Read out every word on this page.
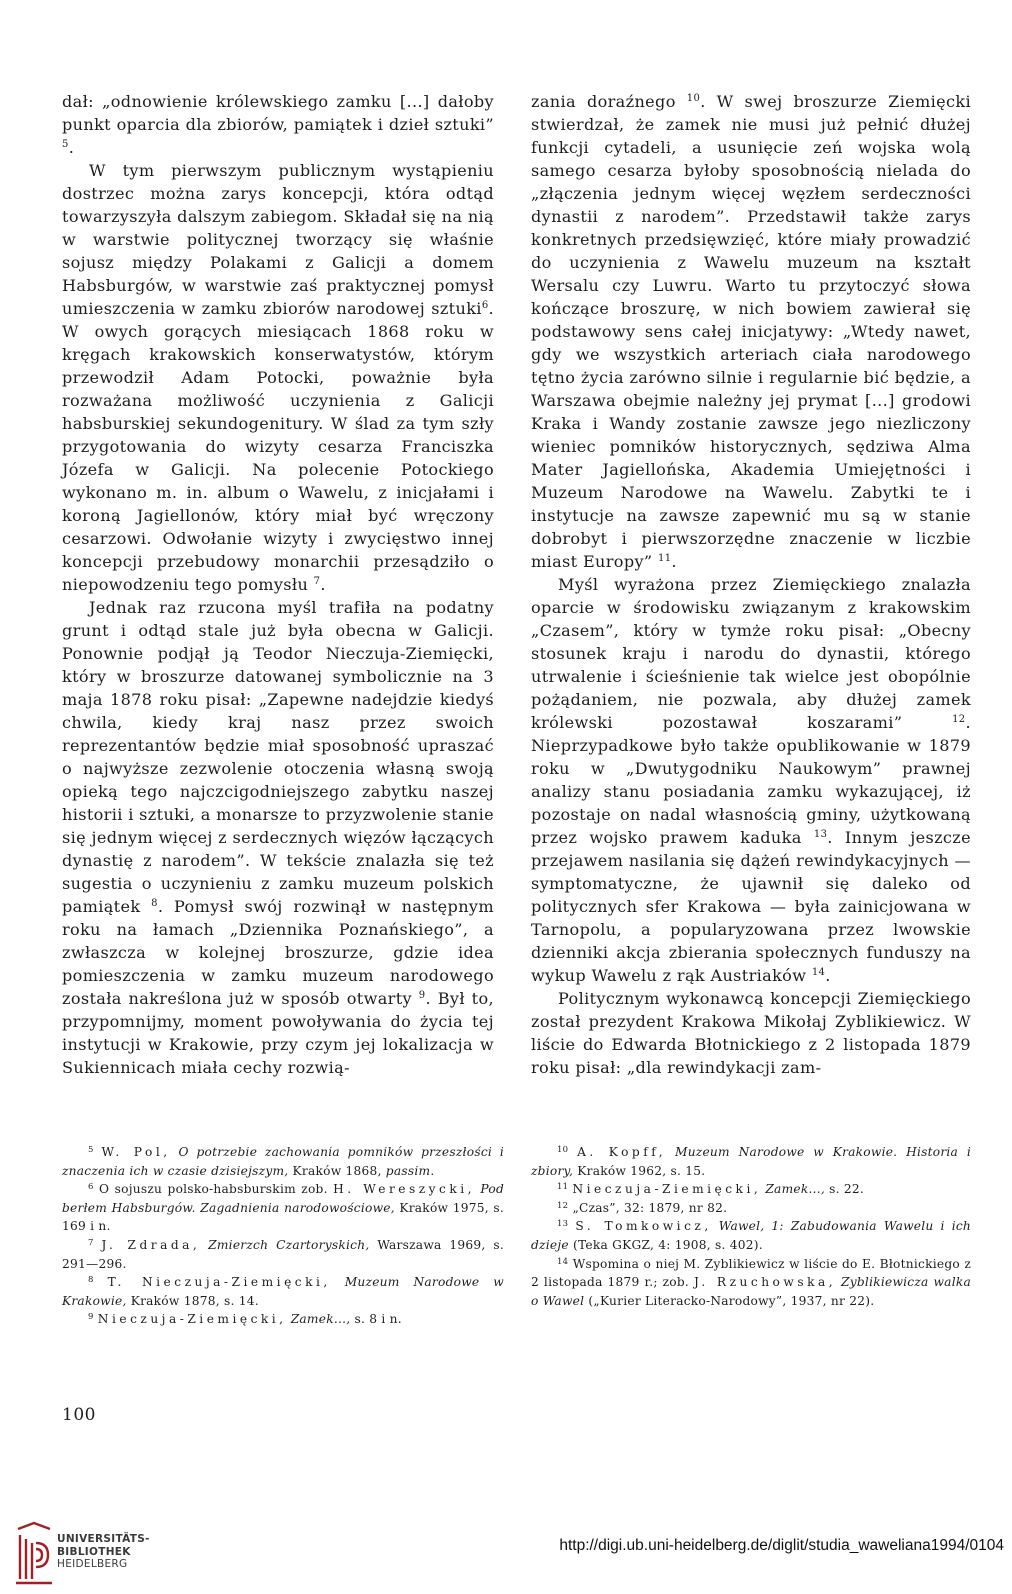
dał: „odnowienie królewskiego zamku [...] dałoby punkt oparcia dla zbiorów, pamiątek i dzieł sztuki” $^5$.

W tym pierwszym publicznym wystąpieniu dostrzec można zarys koncepcji, która odtąd towarzyszyła dalszym zabiegom. Składał się na nią w warstwie politycznej tworzący się właśnie sojusz między Polakami z Galicji a domem Habsburgów, w warstwie zaś praktycznej pomysł umieszczenia w zamku zbiorów narodowej sztuki$^6$. W owych gorących miesiącach 1868 roku w kręgach krakowskich konserwatystów, którym przewodził Adam Potocki, poważnie była rozważana możliwość uczynienia z Galicji habsburskiej sekundogenitury. W ślad za tym szły przygotowania do wizyty cesarza Franciszka Józefa w Galicji. Na polecenie Potockiego wykonano m. in. album o Wawelu, z inicjałami i koroną Jagiellonów, który miał być wręczony cesarzowi. Odwołanie wizyty i zwycięstwo innej koncepcji przebudowy monarchii przesądziło o niepowodzeniu tego pomysłu $^7$.

Jednak raz rzucona myśl trafiła na podatny grunt i odtąd stale już była obecna w Galicji. Ponownie podjął ją Teodor Nieczuja-Ziemięcki, który w broszurze datowanej symbolicznie na 3 maja 1878 roku pisał: „Zapewne nadejdzie kiedyś chwila, kiedy kraj nasz przez swoich reprezentantów będzie miał sposobność upraszać o najwyższe zezwolenie otoczenia własną swoją opieką tego najczcigodniejszego zabytku naszej historii i sztuki, a monarsze to przyzwolenie stanie się jednym więcej z serdecznych więzów łączących dynastię z narodem”. W tekście znalazła się też sugestia o uczynieniu z zamku muzeum polskich pamiątek $^8$. Pomysł swój rozwinął w następnym roku na łamach „Dziennika Poznańskiego”, a zwłaszcza w kolejnej broszurze, gdzie idea pomieszczenia w zamku muzeum narodowego została nakreślona już w sposób otwarty $^9$. Był to, przypomnijmy, moment powoływania do życia tej instytucji w Krakowie, przy czym jej lokalizacja w Sukiennicach miała cechy rozwią-

zania doraźnego $^{10}$. W swej broszurze Ziemięcki stwierdzał, że zamek nie musi już pełnić dłużej funkcji cytadeli, a usunięcie zeń wojska wolą samego cesarza byłoby sposobnością nielada do „złączenia jednym więcej węzłem serdeczności dynastii z narodem”. Przedstawił także zarys konkretnych przedsięwzięć, które miały prowadzić do uczynienia z Wawelu muzeum na kształt Wersalu czy Luwru. Warto tu przytoczyć słowa kończące broszurę, w nich bowiem zawierał się podstawowy sens całej inicjatywy: „Wtedy nawet, gdy we wszystkich arteriach ciała narodowego tętno życia zarówno silnie i regularnie bić będzie, a Warszawa obejmie należny jej prymat [...] grodowi Kraka i Wandy zostanie zawsze jego niezliczony wieniec pomników historycznych, sędziwa Alma Mater Jagiellońska, Akademia Umiejętności i Muzeum Narodowe na Wawelu. Zabytki te i instytucje na zawsze zapewnić mu są w stanie dobrobyt i pierwszorzędne znaczenie w liczbie miast Europy” $^{11}$.

Myśl wyrażona przez Ziemięckiego znalazła oparcie w środowisku związanym z krakowskim „Czasem”, który w tymże roku pisał: „Obecny stosunek kraju i narodu do dynastii, którego utrwalenie i ścieśnienie tak wielce jest obopólnie pożądaniem, nie pozwala, aby dłużej zamek królewski pozostawał koszarami” $^{12}$. Nieprzypadkowe było także opublikowanie w 1879 roku w „Dwutygodniku Naukowym” prawnej analizy stanu posiadania zamku wykazującej, iż pozostaje on nadal własnością gminy, użytkowaną przez wojsko prawem kaduka $^{13}$. Innym jeszcze przejawem nasilania się dążeń rewindykacyjnych — symptomatyczne, że ujawnił się daleko od politycznych sfer Krakowa — była zainicjowana w Tarnopolu, a popularyzowana przez lwowskie dzienniki akcja zbierania społecznych funduszy na wykup Wawelu z rąk Austriaków $^{14}$.

Politycznym wykonawcą koncepcji Ziemięckiego został prezydent Krakowa Mikołaj Zyblikiewicz. W liście do Edwarda Błotnickiego z 2 listopada 1879 roku pisał: „dla rewindykacji zam-

$^5$ W. Pol, O potrzebie zachowania pomników przeszłości i znaczenia ich w czasie dzisiejszym, Kraków 1868, passim.

$^6$ O sojuszu polsko-habsburskim zob. H. Wereszycki, Pod berłem Habsburgów. Zagadnienia narodowościowe, Kraków 1975, s. 169 i n.

$^7$ J. Zdrada, Zmierzch Czartoryskich, Warszawa 1969, s. 291—296.

$^8$ T. Nieczuja-Ziemięcki, Muzeum Narodowe w Krakowie, Kraków 1878, s. 14.

$^9$ Nieczuja-Ziemięcki, Zamek..., s. 8 i n.

$^{10}$ A. Kopff, Muzeum Narodowe w Krakowie. Historia i zbiory, Kraków 1962, s. 15.

$^{11}$ Nieczuja-Ziemięcki, Zamek..., s. 22.

$^{12}$ „Czas”, 32: 1879, nr 82.

$^{13}$ S. Tomkowicz, Wawel, 1: Zabudowania Wawelu i ich dzieje (Teka GKGZ, 4: 1908, s. 402).

$^{14}$ Wspomina o niej M. Zyblikiewicz w liście do E. Błotnickiego z 2 listopada 1879 r.; zob. J. Rzuchowska, Zyblikiewicza walka o Wawel („Kurier Literacko-Narodowy”, 1937, nr 22).

100
UNIVERSITÄTS-
BIBLIOTHEK
HEIDELBERG
http://digi.ub.uni-heidelberg.de/diglit/studia_waweliana1994/0104
